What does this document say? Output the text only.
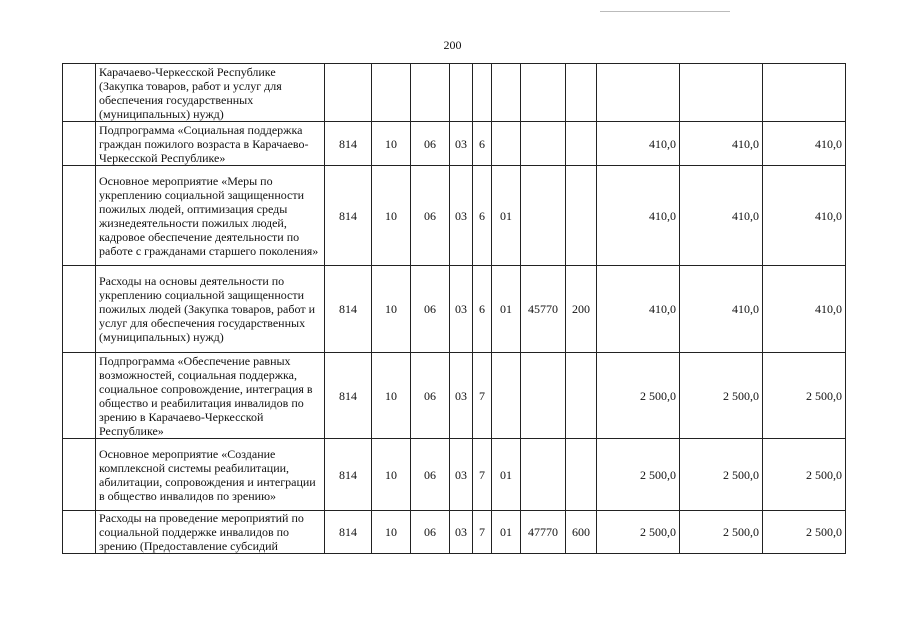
200
	Карачаево-Черкесской Республике (Закупка товаров, работ и услуг для обеспечения государственных (муниципальных) нужд)											
	Подпрограмма «Социальная поддержка граждан пожилого возраста в Карачаево-Черкесской Республике»	814	10	06	03	6				410,0	410,0	410,0
	Основное мероприятие «Меры по укреплению социальной защищенности пожилых людей, оптимизация среды жизнедеятельности пожилых людей, кадровое обеспечение деятельности по работе с гражданами старшего поколения»	814	10	06	03	6	01			410,0	410,0	410,0
	Расходы на основы деятельности по укреплению социальной защищенности пожилых людей (Закупка товаров, работ и услуг для обеспечения государственных (муниципальных) нужд)	814	10	06	03	6	01	45770	200	410,0	410,0	410,0
	Подпрограмма «Обеспечение равных возможностей, социальная поддержка, социальное сопровождение, интеграция в общество и реабилитация инвалидов по зрению в Карачаево-Черкесской Республике»	814	10	06	03	7				2 500,0	2 500,0	2 500,0
	Основное мероприятие «Создание комплексной системы реабилитации, абилитации, сопровождения и интеграции в общество инвалидов по зрению»	814	10	06	03	7	01			2 500,0	2 500,0	2 500,0
	Расходы на проведение мероприятий по социальной поддержке инвалидов по зрению (Предоставление субсидий	814	10	06	03	7	01	47770	600	2 500,0	2 500,0	2 500,0
